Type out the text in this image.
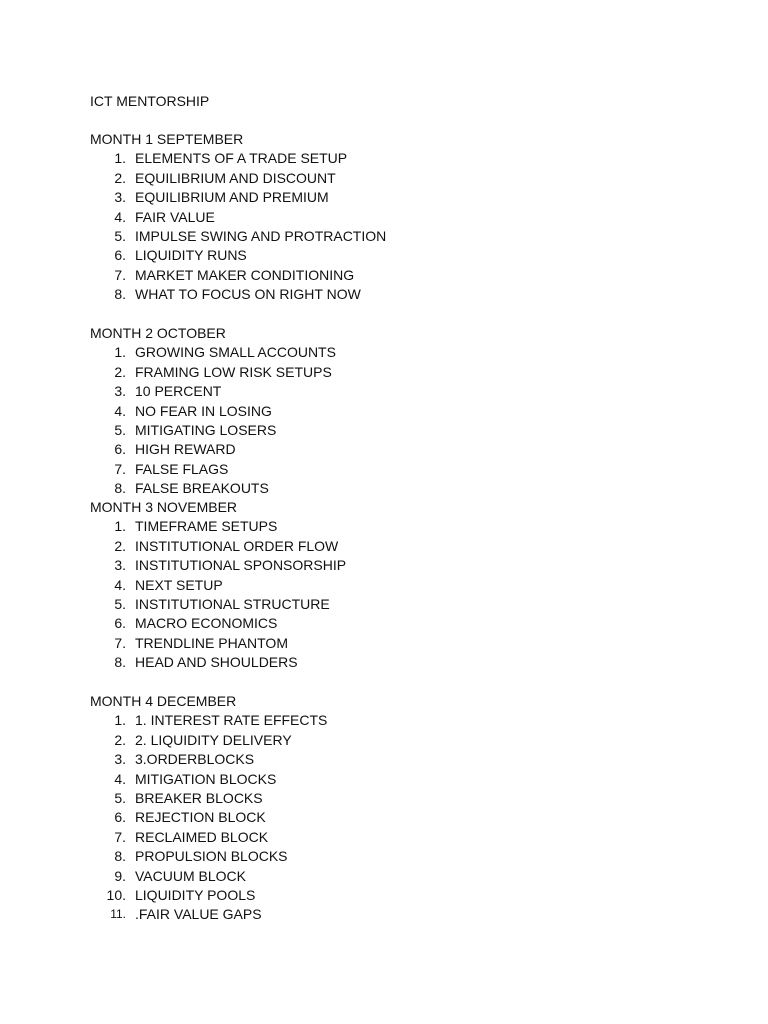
ICT MENTORSHIP
MONTH 1 SEPTEMBER
1. ELEMENTS OF A TRADE SETUP
2. EQUILIBRIUM AND DISCOUNT
3. EQUILIBRIUM AND PREMIUM
4. FAIR VALUE
5. IMPULSE SWING AND PROTRACTION
6. LIQUIDITY RUNS
7. MARKET MAKER CONDITIONING
8. WHAT TO FOCUS ON RIGHT NOW
MONTH 2 OCTOBER
1. GROWING SMALL ACCOUNTS
2. FRAMING LOW RISK SETUPS
3. 10 PERCENT
4. NO FEAR IN LOSING
5. MITIGATING LOSERS
6. HIGH REWARD
7. FALSE FLAGS
8. FALSE BREAKOUTS
MONTH 3 NOVEMBER
1. TIMEFRAME SETUPS
2. INSTITUTIONAL ORDER FLOW
3. INSTITUTIONAL SPONSORSHIP
4. NEXT SETUP
5. INSTITUTIONAL STRUCTURE
6. MACRO ECONOMICS
7. TRENDLINE PHANTOM
8. HEAD AND SHOULDERS
MONTH 4 DECEMBER
1. 1. INTEREST RATE EFFECTS
2. 2. LIQUIDITY DELIVERY
3. 3.ORDERBLOCKS
4. MITIGATION BLOCKS
5. BREAKER BLOCKS
6. REJECTION BLOCK
7. RECLAIMED BLOCK
8. PROPULSION BLOCKS
9. VACUUM BLOCK
10. LIQUIDITY POOLS
11. .FAIR VALUE GAPS
